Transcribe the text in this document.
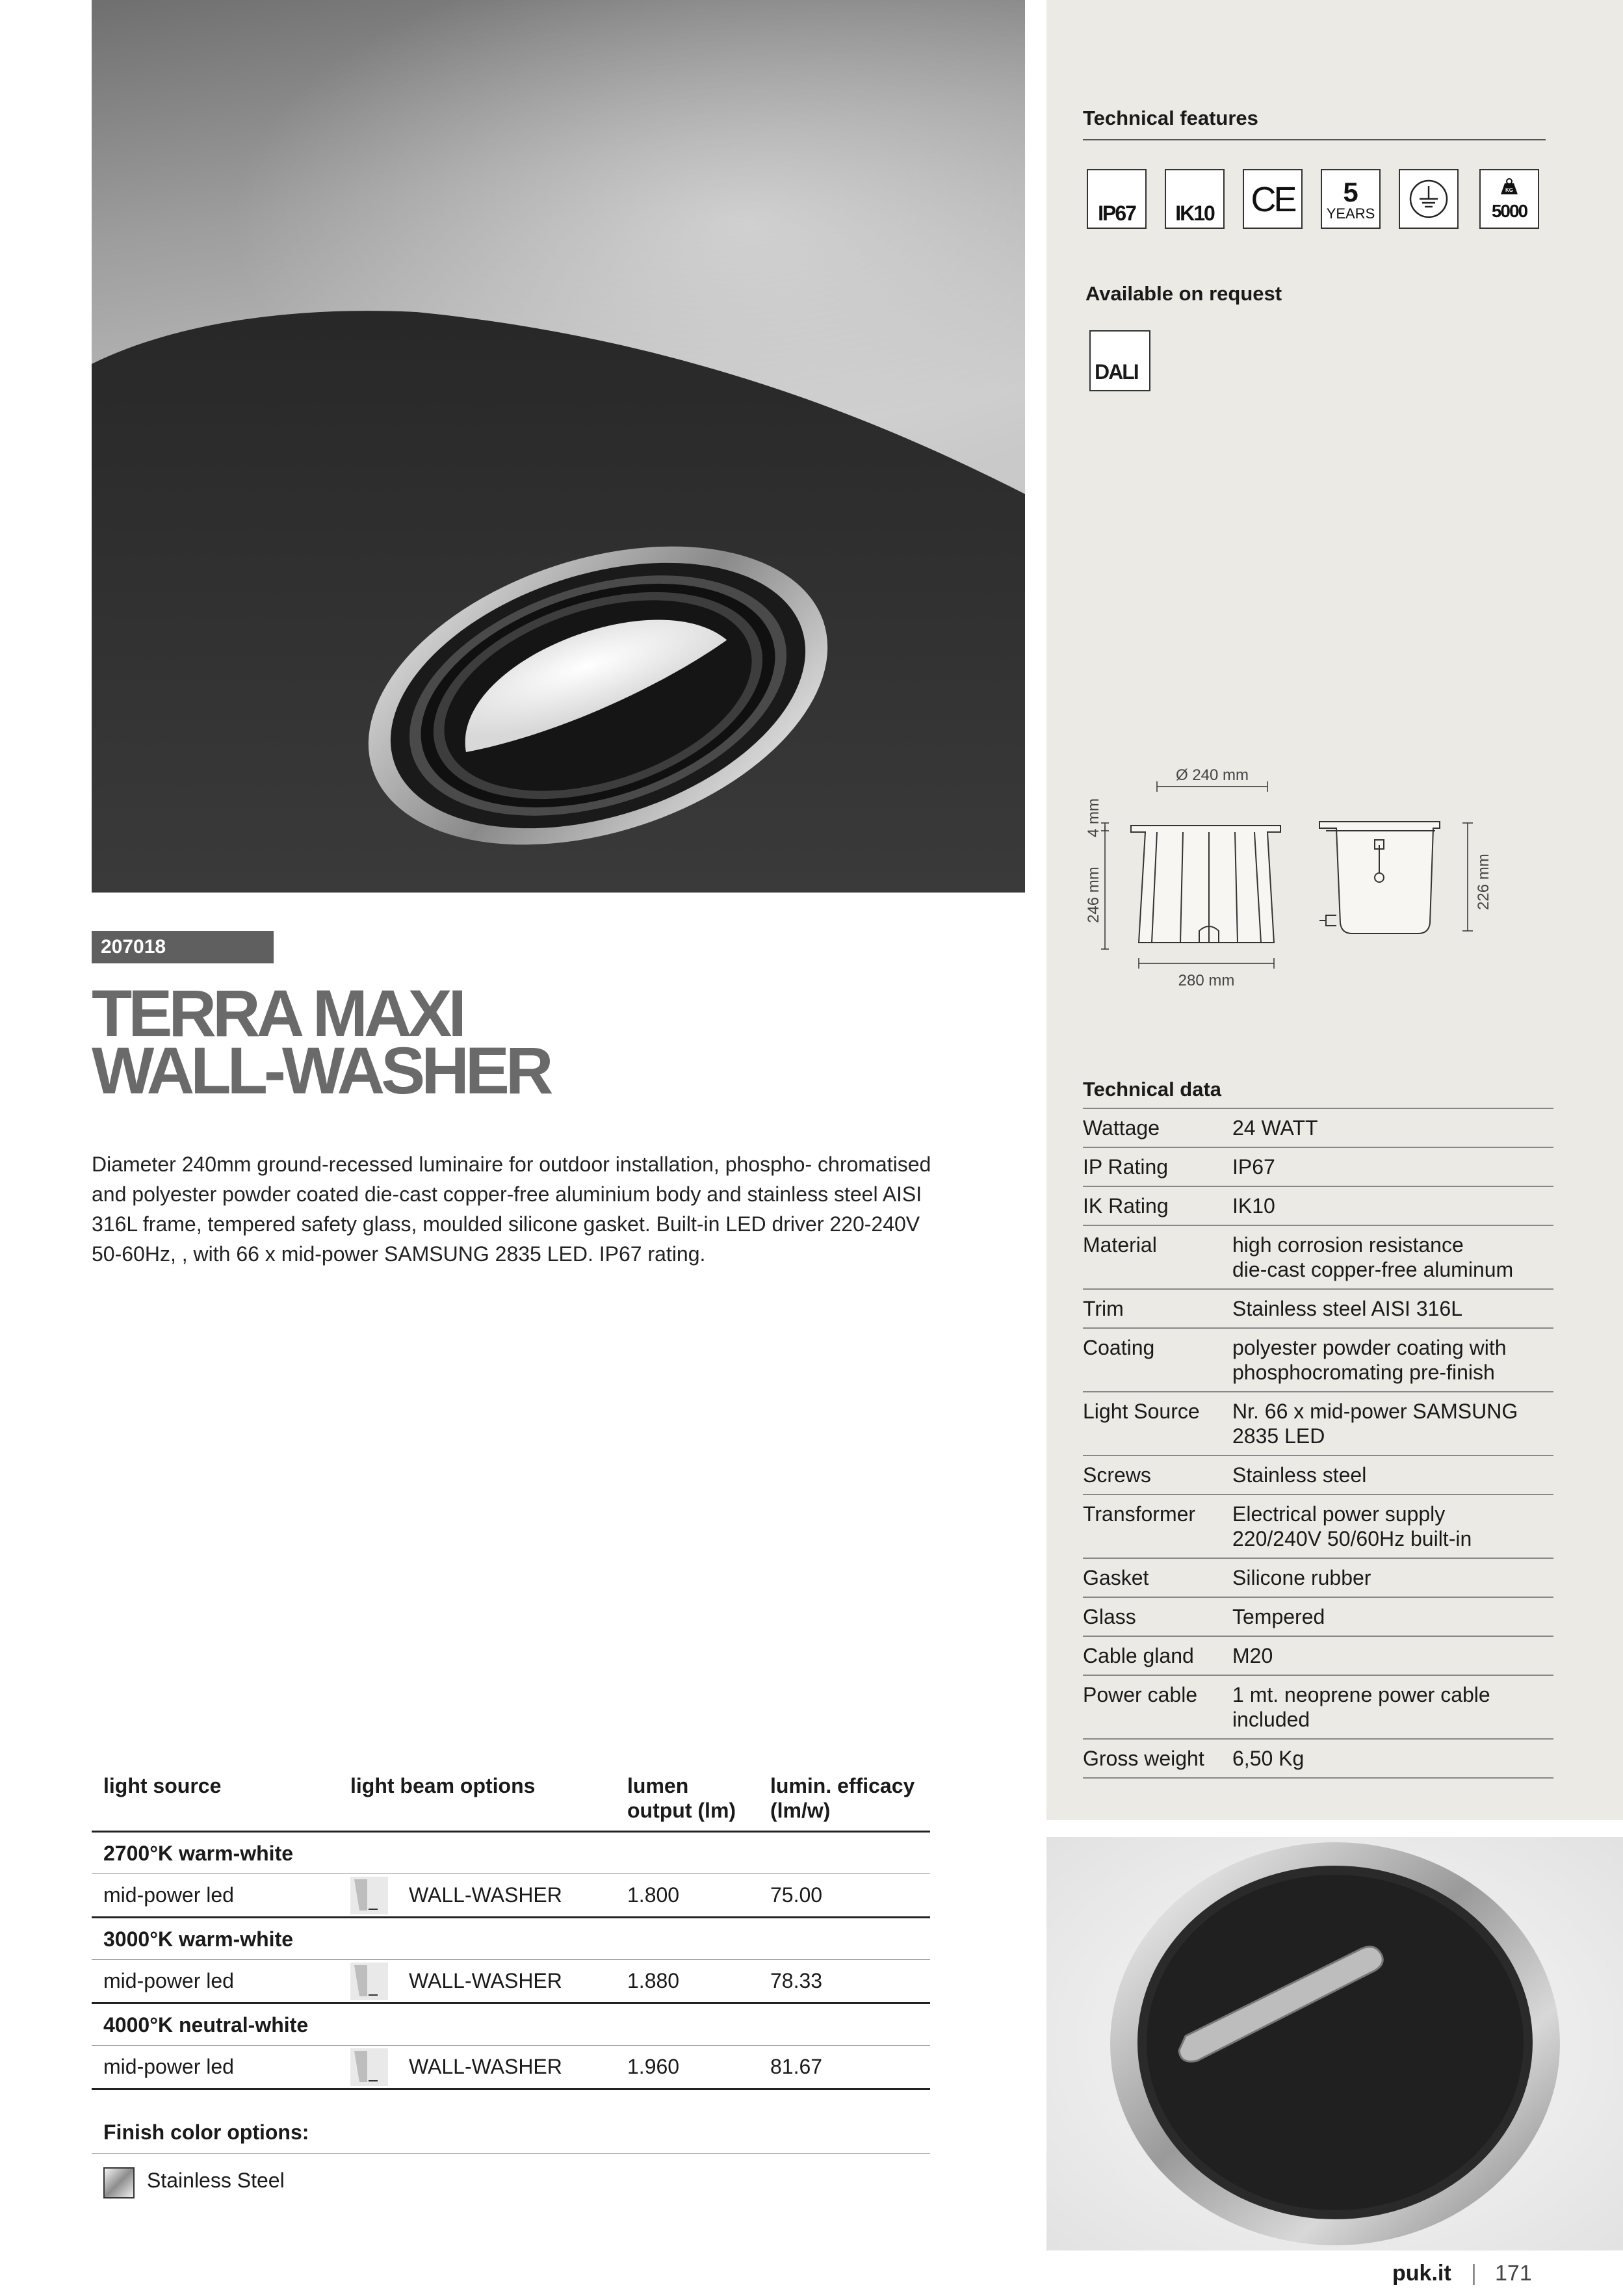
207018
TERRA MAXI
WALL-WASHER
Diameter 240mm ground-recessed luminaire for outdoor installation, phospho- chromatised and polyester powder coated die-cast copper-free aluminium body and stainless steel AISI 316L frame, tempered safety glass, moulded silicone gasket. Built-in LED driver 220-240V 50-60Hz, , with 66 x mid-power SAMSUNG 2835 LED. IP67 rating.
light source	light beam options	lumen
output (lm)
lumin. efficacy
(lm/w)
2700°K warm-white
mid-power led	WALL-WASHER	1.800	75.00
3000°K warm-white
mid-power led	WALL-WASHER	1.880	78.33
4000°K neutral-white
mid-power led	WALL-WASHER	1.960	81.67
Finish color options:
Stainless Steel
Technical features
IP67	IK10 CE	5
YEARS
KG
5000
Available on request
DALI
Ø 240 mm
4 mm
246 mm
280 mm
226 mm
Technical data
Wattage	24 WATT
IP Rating	IP67
IK Rating	IK10
Material	high corrosion resistance
die-cast copper-free aluminum
Trim	Stainless steel AISI 316L
Coating	polyester powder coating with
phosphocromating pre-finish
Light Source	Nr. 66 x mid-power SAMSUNG
2835 LED
Screws	Stainless steel
Transformer	Electrical power supply
220/240V 50/60Hz built-in
Gasket	Silicone rubber
Glass	Tempered
Cable gland	M20
Power cable	1 mt. neoprene power cable
included
Gross weight	6,50 Kg
puk.it | 171
